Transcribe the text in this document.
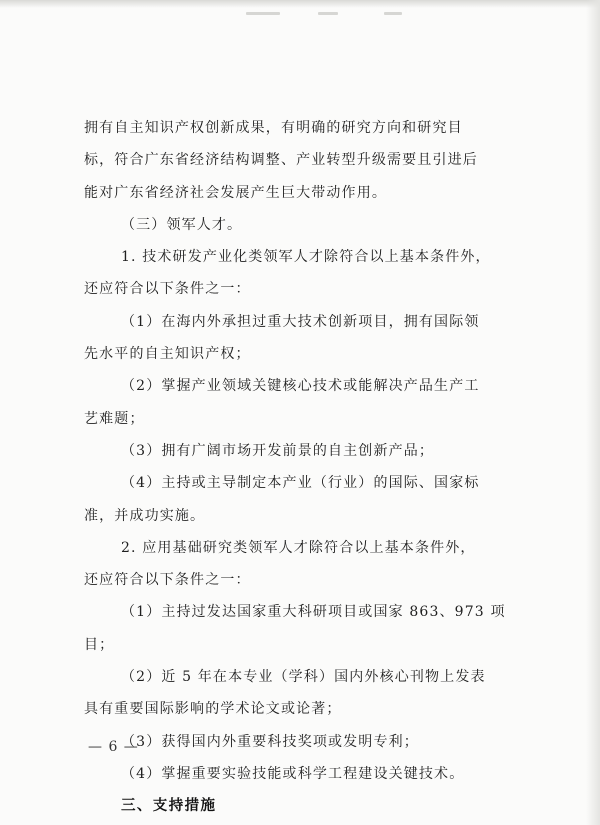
拥有自主知识产权创新成果，有明确的研究方向和研究目
标，符合广东省经济结构调整、产业转型升级需要且引进后
能对广东省经济社会发展产生巨大带动作用。
（三）领军人才。
1. 技术研发产业化类领军人才除符合以上基本条件外，
还应符合以下条件之一：
（1）在海内外承担过重大技术创新项目，拥有国际领
先水平的自主知识产权；
（2）掌握产业领域关键核心技术或能解决产品生产工
艺难题；
（3）拥有广阔市场开发前景的自主创新产品；
（4）主持或主导制定本产业（行业）的国际、国家标
准，并成功实施。
2. 应用基础研究类领军人才除符合以上基本条件外，
还应符合以下条件之一：
（1）主持过发达国家重大科研项目或国家 863、973 项
目；
（2）近 5 年在本专业（学科）国内外核心刊物上发表
具有重要国际影响的学术论文或论著；
（3）获得国内外重要科技奖项或发明专利；
（4）掌握重要实验技能或科学工程建设关键技术。
三、支持措施
— 6 —
